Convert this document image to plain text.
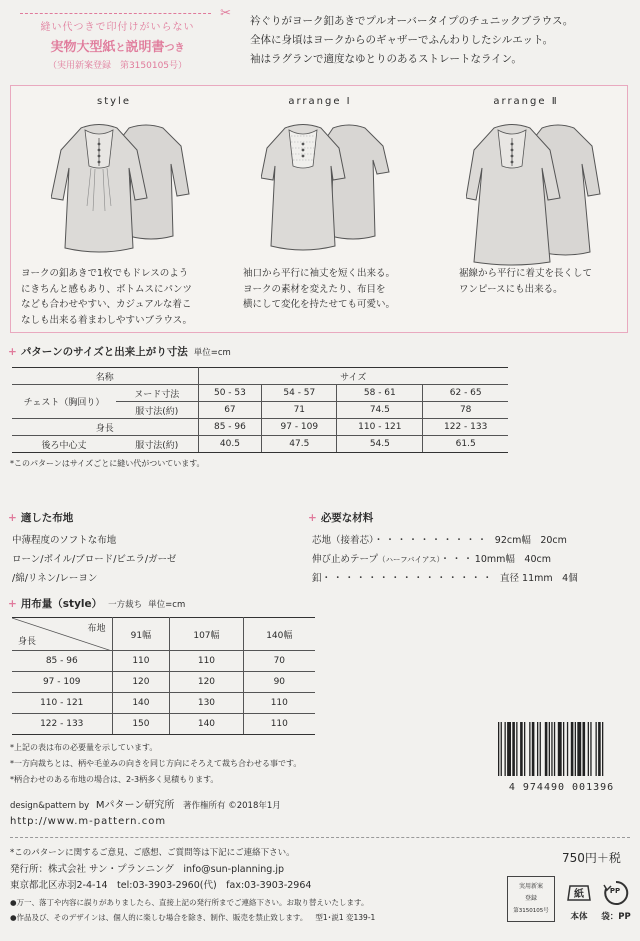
✂
縫い代つきで印付けがいらない
実物大型紙と説明書つき
（実用新案登録　第3150105号）
衿ぐりがヨーク釦あきでプルオーバータイプのチュニックブラウス。
全体に身頃はヨークからのギャザーでふんわりしたシルエット。
袖はラグランで適度なゆとりのあるストレートなライン。
style	arrange Ⅰ	arrange Ⅱ
ヨークの釦あきで1枚でもドレスのよう
にきちんと感もあり、ボトムスにパンツ
なども合わせやすい、カジュアルな着こ
なしも出来る着まわしやすいブラウス。
袖口から平行に袖丈を短く出来る。
ヨークの素材を変えたり、布目を
横にして変化を持たせても可愛い。
裾線から平行に着丈を長くして
ワンピースにも出来る。
+ パターンのサイズと出来上がり寸法 単位=cm
名称		サイズ			
チェスト（胸回り）	ヌード寸法	50 - 53	54 - 57	58 - 61	62 - 65
	服寸法(約)	67	71	74.5	78
身長		85 - 96	97 - 109	110 - 121	122 - 133
後ろ中心丈	服寸法(約)	40.5	47.5	54.5	61.5
*このパターンはサイズごとに縫い代がついています。
+ 適した布地
中薄程度のソフトな布地
ローン/ボイル/ブロード/ビエラ/ガーゼ
/綿/リネン/レーヨン
+ 必要な材料
芯地（接着芯）・・・・・・・・・・ 92cm幅　20cm
伸び止めテープ（ハーフバイアス）・・・10mm幅　40cm
釦・・・・・・・・・・・・・・・ 直径 11mm　4個
+ 用布量（style） 一方裁ち 単位=cm
布地
身長	91幅	107幅	140幅
85 - 96	110	110	70
97 - 109	120	120	90
110 - 121	140	130	110
122 - 133	150	140	110
*上記の表は布の必要量を示しています。
*一方向裁ちとは、柄や毛並みの向きを同じ方向にそろえて裁ち合わせる事です。
*柄合わせのある布地の場合は、2-3柄多く見積もります。
4 974490 001396
design&pattern by Mパターン研究所 著作権所有 ©2018年1月
http://www.m-pattern.com
*このパターンに関するご意見、ご感想、ご質問等は下記にご連絡下さい。
発行所：株式会社 サン・プランニング　info@sun-planning.jp
東京都北区赤羽2-4-14　tel:03-3903-2960(代)　fax:03-3903-2964
●万一、落丁や内容に誤りがありましたら、直接上記の発行所までご連絡下さい。お取り替えいたします。
●作品及び、そのデザインは、個人的に楽しむ場合を除き、制作、販売を禁止致します。 型1･説1 変139-1
750円＋税
実用新案
登録
第3150105号
紙
本体
PP
袋：PP
